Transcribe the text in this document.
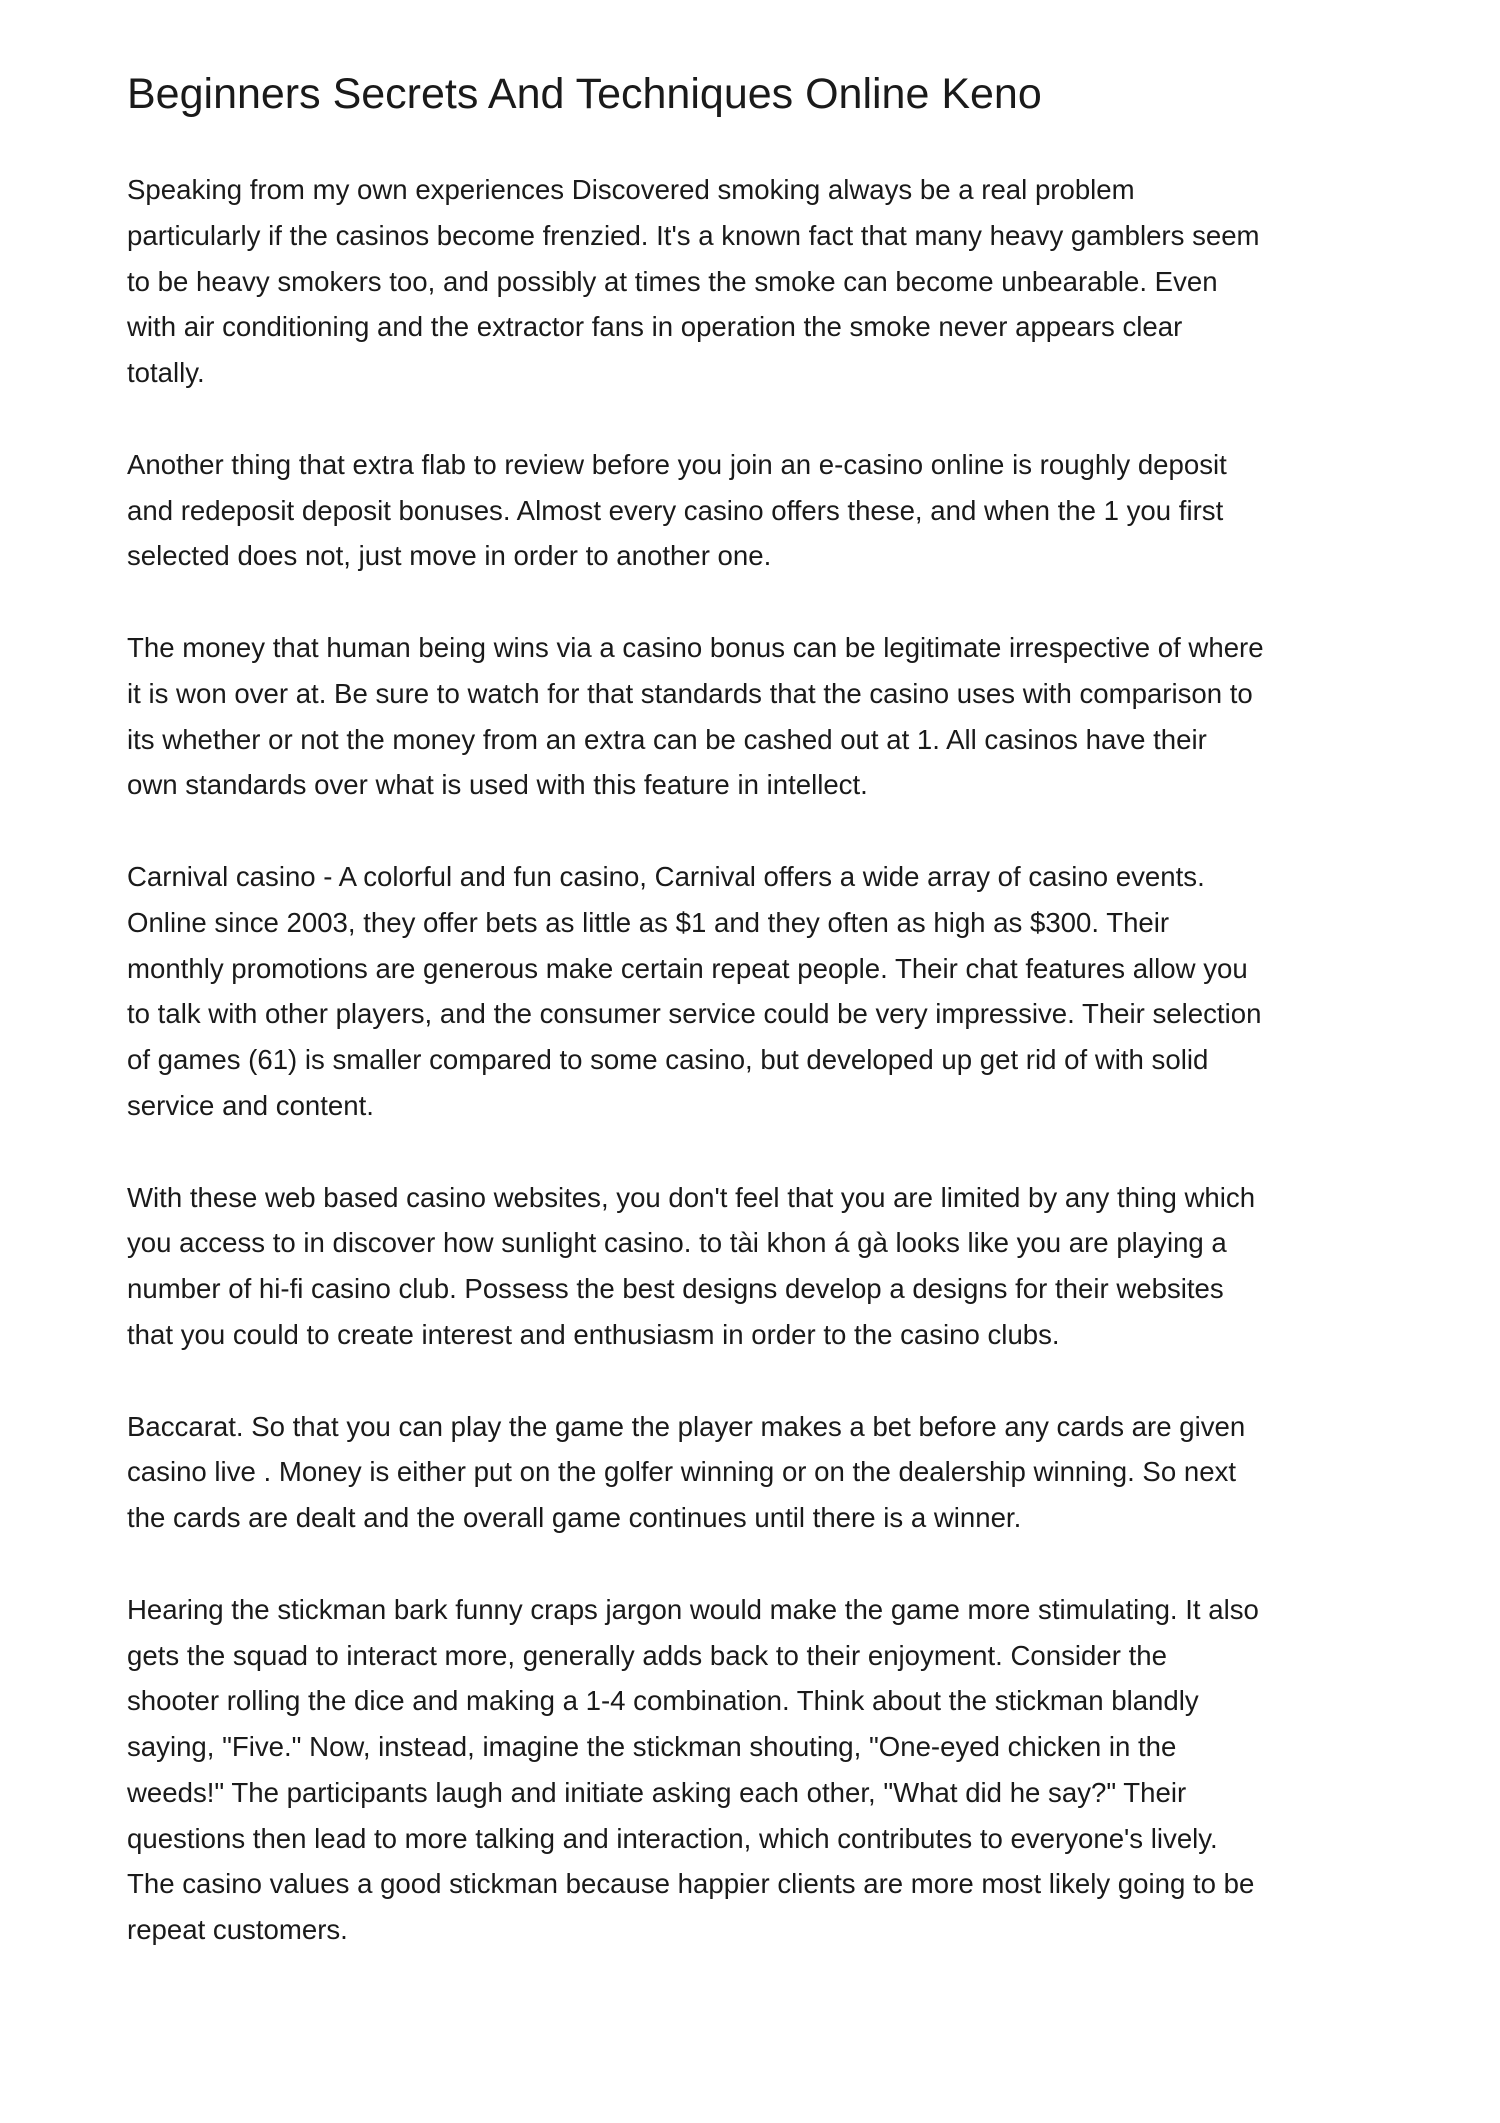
Beginners Secrets And Techniques Online Keno

Speaking from my own experiences Discovered smoking always be a real problem
particularly if the casinos become frenzied. It's a known fact that many heavy gamblers seem
to be heavy smokers too, and possibly at times the smoke can become unbearable. Even
with air conditioning and the extractor fans in operation the smoke never appears clear
totally.

Another thing that extra flab to review before you join an e-casino online is roughly deposit
and redeposit deposit bonuses. Almost every casino offers these, and when the 1 you first
selected does not, just move in order to another one.

The money that human being wins via a casino bonus can be legitimate irrespective of where
it is won over at. Be sure to watch for that standards that the casino uses with comparison to
its whether or not the money from an extra can be cashed out at 1. All casinos have their
own standards over what is used with this feature in intellect.

Carnival casino - A colorful and fun casino, Carnival offers a wide array of casino events.
Online since 2003, they offer bets as little as $1 and they often as high as $300. Their
monthly promotions are generous make certain repeat people. Their chat features allow you
to talk with other players, and the consumer service could be very impressive. Their selection
of games (61) is smaller compared to some casino, but developed up get rid of with solid
service and content.

With these web based casino websites, you don't feel that you are limited by any thing which
you access to in discover how sunlight casino. to tài khon á gà looks like you are playing a
number of hi-fi casino club. Possess the best designs develop a designs for their websites
that you could to create interest and enthusiasm in order to the casino clubs.

Baccarat. So that you can play the game the player makes a bet before any cards are given
casino live . Money is either put on the golfer winning or on the dealership winning. So next
the cards are dealt and the overall game continues until there is a winner.

Hearing the stickman bark funny craps jargon would make the game more stimulating. It also
gets the squad to interact more, generally adds back to their enjoyment. Consider the
shooter rolling the dice and making a 1-4 combination. Think about the stickman blandly
saying, "Five." Now, instead, imagine the stickman shouting, "One-eyed chicken in the
weeds!" The participants laugh and initiate asking each other, "What did he say?" Their
questions then lead to more talking and interaction, which contributes to everyone's lively.
The casino values a good stickman because happier clients are more most likely going to be
repeat customers.
